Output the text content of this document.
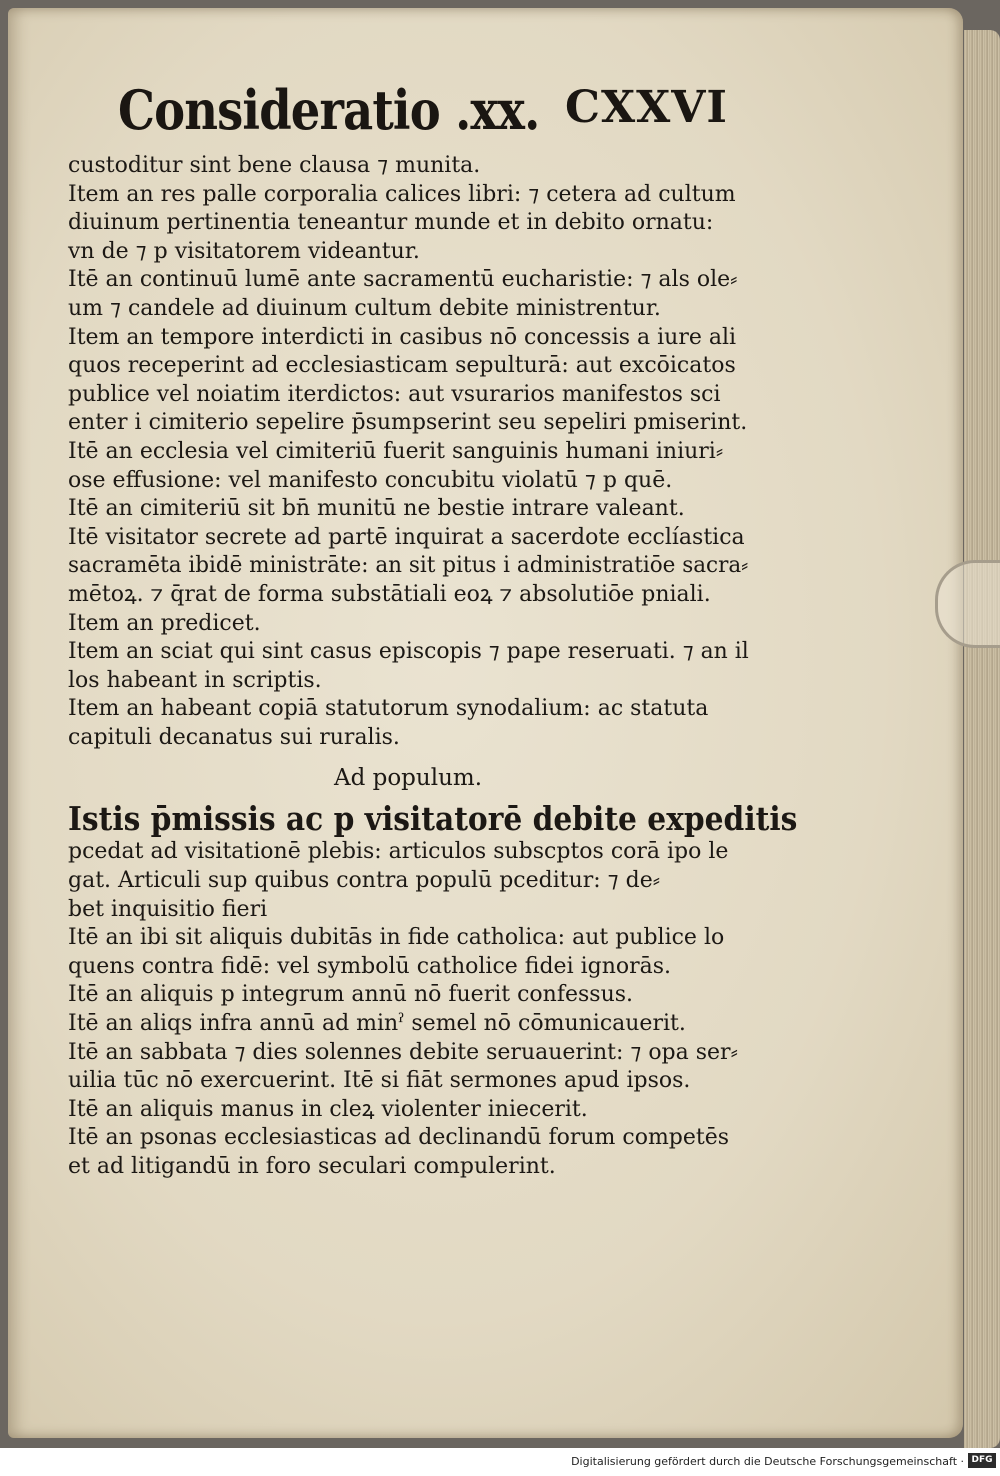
Consideratio .xx. CXXVI
custoditur sint bene clausa ⁊ munita.
Item an res palle corporalia calices libri: ⁊ cetera ad cultum
diuinum pertinentia teneantur munde et in debito ornatu:
vn de ⁊ p visitatorem videantur.
Itē an continuū lumē ante sacramentū eucharistie: ⁊ als ole⸗
um ⁊ candele ad diuinum cultum debite ministrentur.
Item an tempore interdicti in casibus nō concessis a iure ali
quos receperint ad ecclesiasticam sepulturā: aut excōicatos
publice vel noiatim iterdictos: aut vsurarios manifestos sci
enter i cimiterio sepelire p̄sumpserint seu sepeliri pmiserint.
Itē an ecclesia vel cimiteriū fuerit sanguinis humani iniuri⸗
ose effusione: vel manifesto concubitu violatū ⁊ p quē.
Itē an cimiteriū sit bn̄ munitū ne bestie intrare valeant.
Itē visitator secrete ad partē inquirat a sacerdote ecclíastica
sacramēta ibidē ministrāte: an sit pitus i administratiōe sacra⸗
mētoꝝ. ⁊ q̄rat de forma substātiali eoꝝ ⁊ absolutiōe pniali.
Item an predicet.
Item an sciat qui sint casus episcopis ⁊ pape reseruati. ⁊ an il
los habeant in scriptis.
Item an habeant copiā statutorum synodalium: ac statuta
capituli decanatus sui ruralis.
Ad populum.
Istis p̄missis ac p visitatorē debite expeditis
pcedat ad visitationē plebis: articulos subscptos corā ipo le
gat. Articuli sup quibus contra populū pceditur: ⁊ de⸗
bet inquisitio fieri
Itē an ibi sit aliquis dubitās in fide catholica: aut publice lo
quens contra fidē: vel symbolū catholice fidei ignorās.
Itē an aliquis p integrum annū nō fuerit confessus.
Itē an aliqs infra annū ad minˀ semel nō cōmunicauerit.
Itē an sabbata ⁊ dies solennes debite seruauerint: ⁊ opa ser⸗
uilia tūc nō exercuerint. Itē si fiāt sermones apud ipsos.
Itē an aliquis manus in cleꝝ violenter iniecerit.
Itē an psonas ecclesiasticas ad declinandū forum competēs
et ad litigandū in foro seculari compulerint.
Digitalisierung gefördert durch die Deutsche Forschungsgemeinschaft · DFG
